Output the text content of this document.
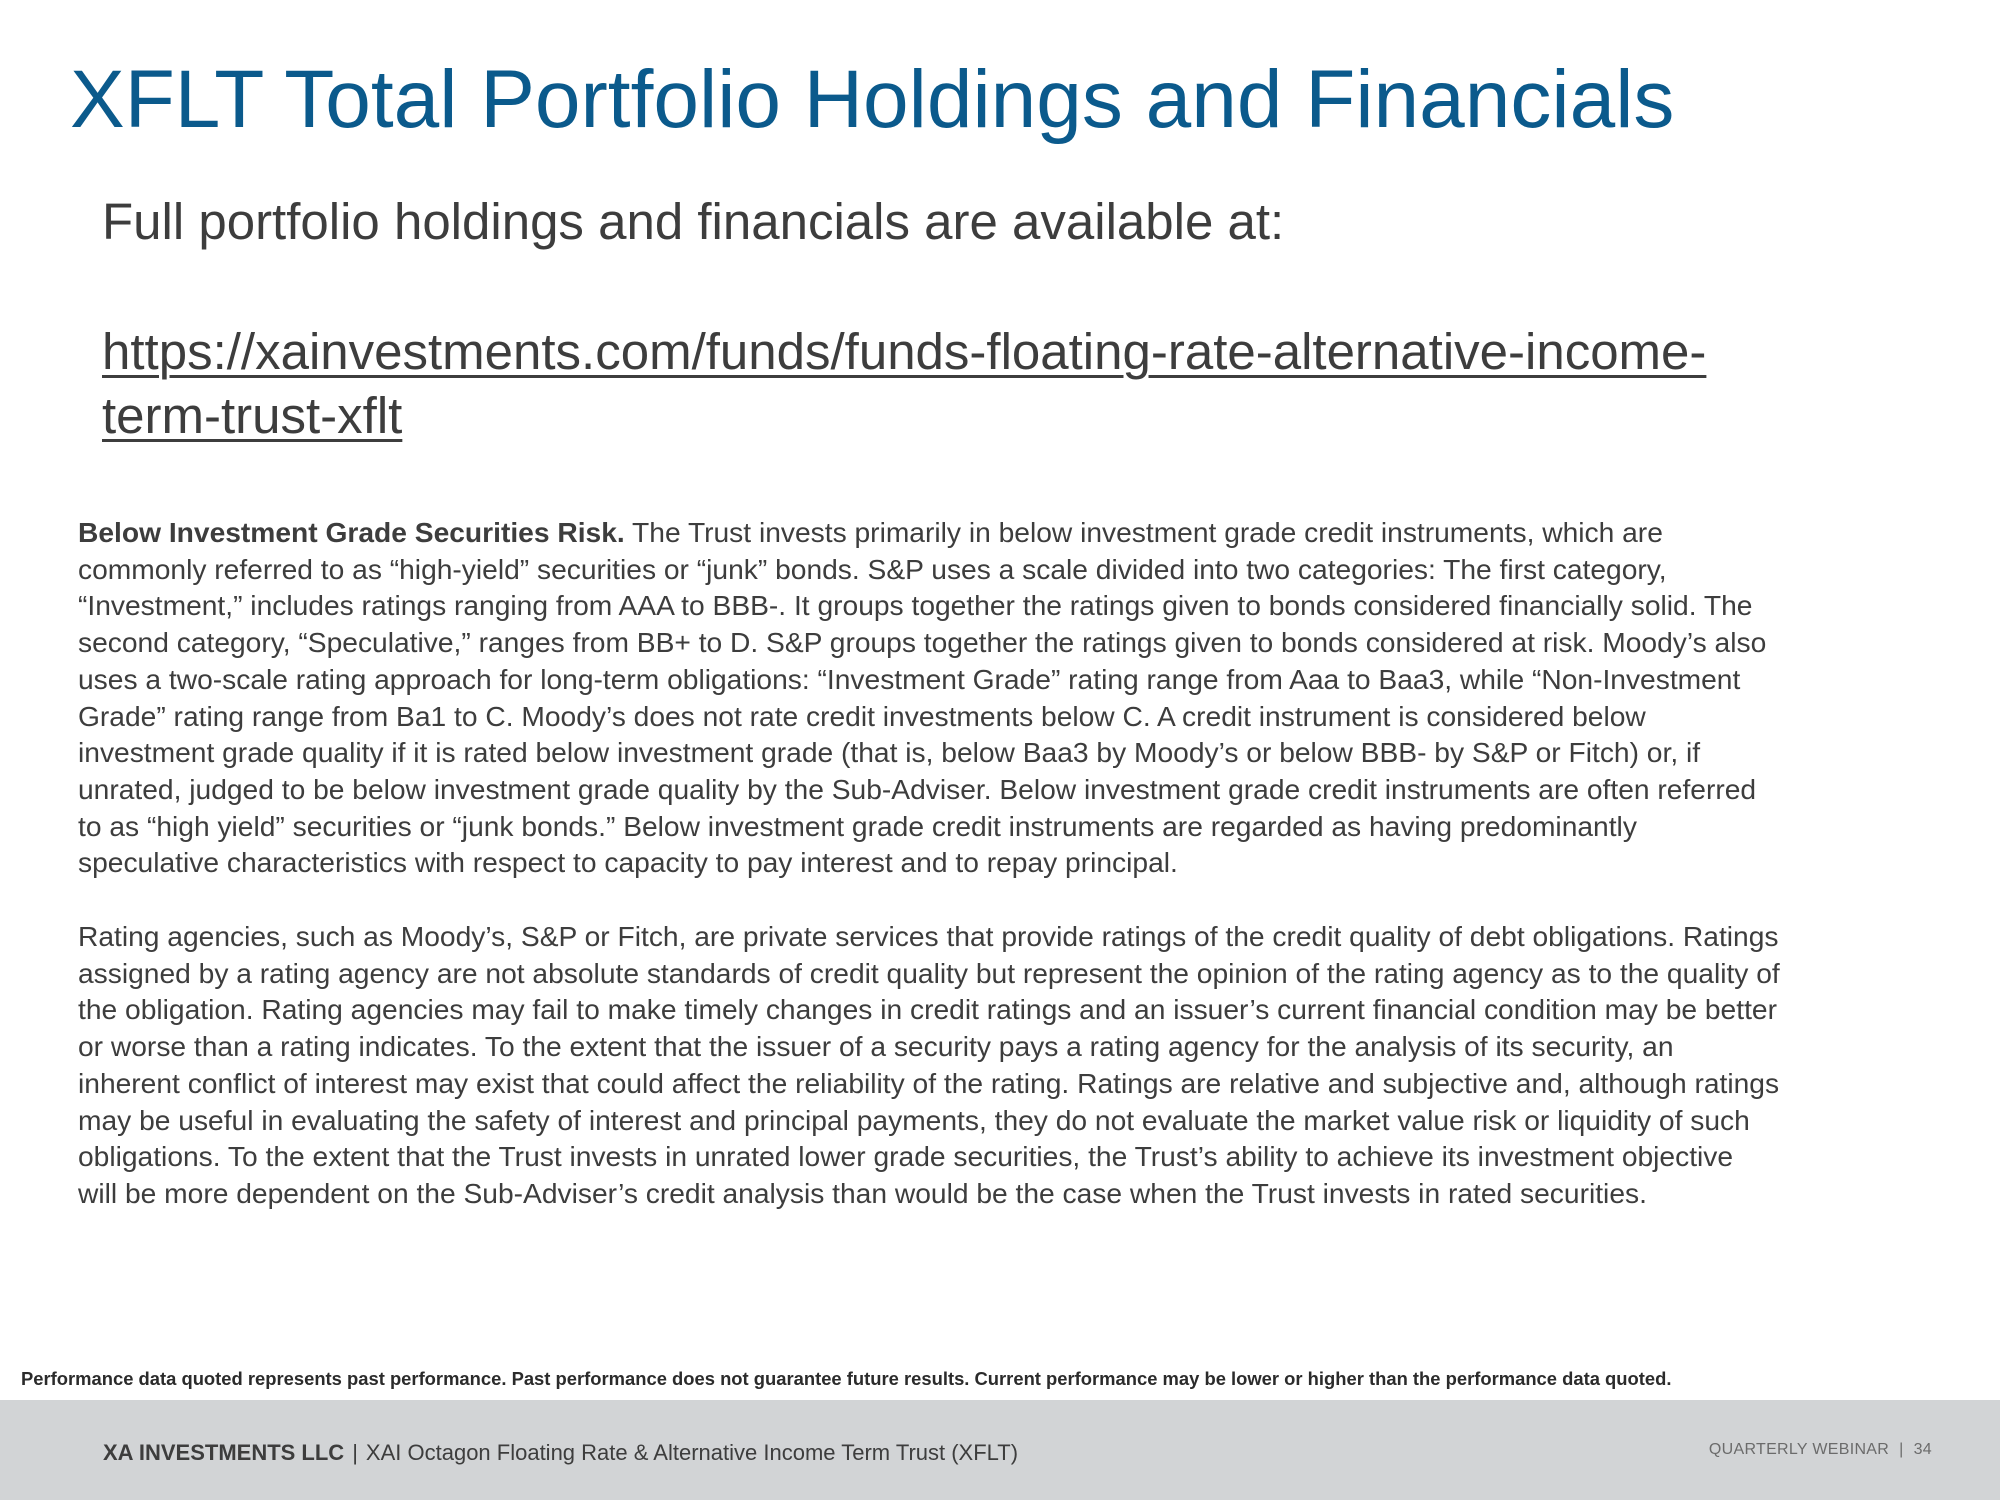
XFLT Total Portfolio Holdings and Financials
Full portfolio holdings and financials are available at:
https://xainvestments.com/funds/funds-floating-rate-alternative-income-
term-trust-xflt
Below Investment Grade Securities Risk. The Trust invests primarily in below investment grade credit instruments, which are
commonly referred to as “high-yield” securities or “junk” bonds. S&P uses a scale divided into two categories: The first category,
“Investment,” includes ratings ranging from AAA to BBB-. It groups together the ratings given to bonds considered financially solid. The
second category, “Speculative,” ranges from BB+ to D. S&P groups together the ratings given to bonds considered at risk. Moody’s also
uses a two-scale rating approach for long-term obligations: “Investment Grade” rating range from Aaa to Baa3, while “Non-Investment
Grade” rating range from Ba1 to C. Moody’s does not rate credit investments below C. A credit instrument is considered below
investment grade quality if it is rated below investment grade (that is, below Baa3 by Moody’s or below BBB- by S&P or Fitch) or, if
unrated, judged to be below investment grade quality by the Sub-Adviser. Below investment grade credit instruments are often referred
to as “high yield” securities or “junk bonds.” Below investment grade credit instruments are regarded as having predominantly
speculative characteristics with respect to capacity to pay interest and to repay principal.
Rating agencies, such as Moody’s, S&P or Fitch, are private services that provide ratings of the credit quality of debt obligations. Ratings
assigned by a rating agency are not absolute standards of credit quality but represent the opinion of the rating agency as to the quality of
the obligation. Rating agencies may fail to make timely changes in credit ratings and an issuer’s current financial condition may be better
or worse than a rating indicates. To the extent that the issuer of a security pays a rating agency for the analysis of its security, an
inherent conflict of interest may exist that could affect the reliability of the rating. Ratings are relative and subjective and, although ratings
may be useful in evaluating the safety of interest and principal payments, they do not evaluate the market value risk or liquidity of such
obligations. To the extent that the Trust invests in unrated lower grade securities, the Trust’s ability to achieve its investment objective
will be more dependent on the Sub-Adviser’s credit analysis than would be the case when the Trust invests in rated securities.
Performance data quoted represents past performance. Past performance does not guarantee future results. Current performance may be lower or higher than the performance data quoted.
XA INVESTMENTS LLC | XAI Octagon Floating Rate & Alternative Income Term Trust (XFLT)	QUARTERLY WEBINAR | 34
